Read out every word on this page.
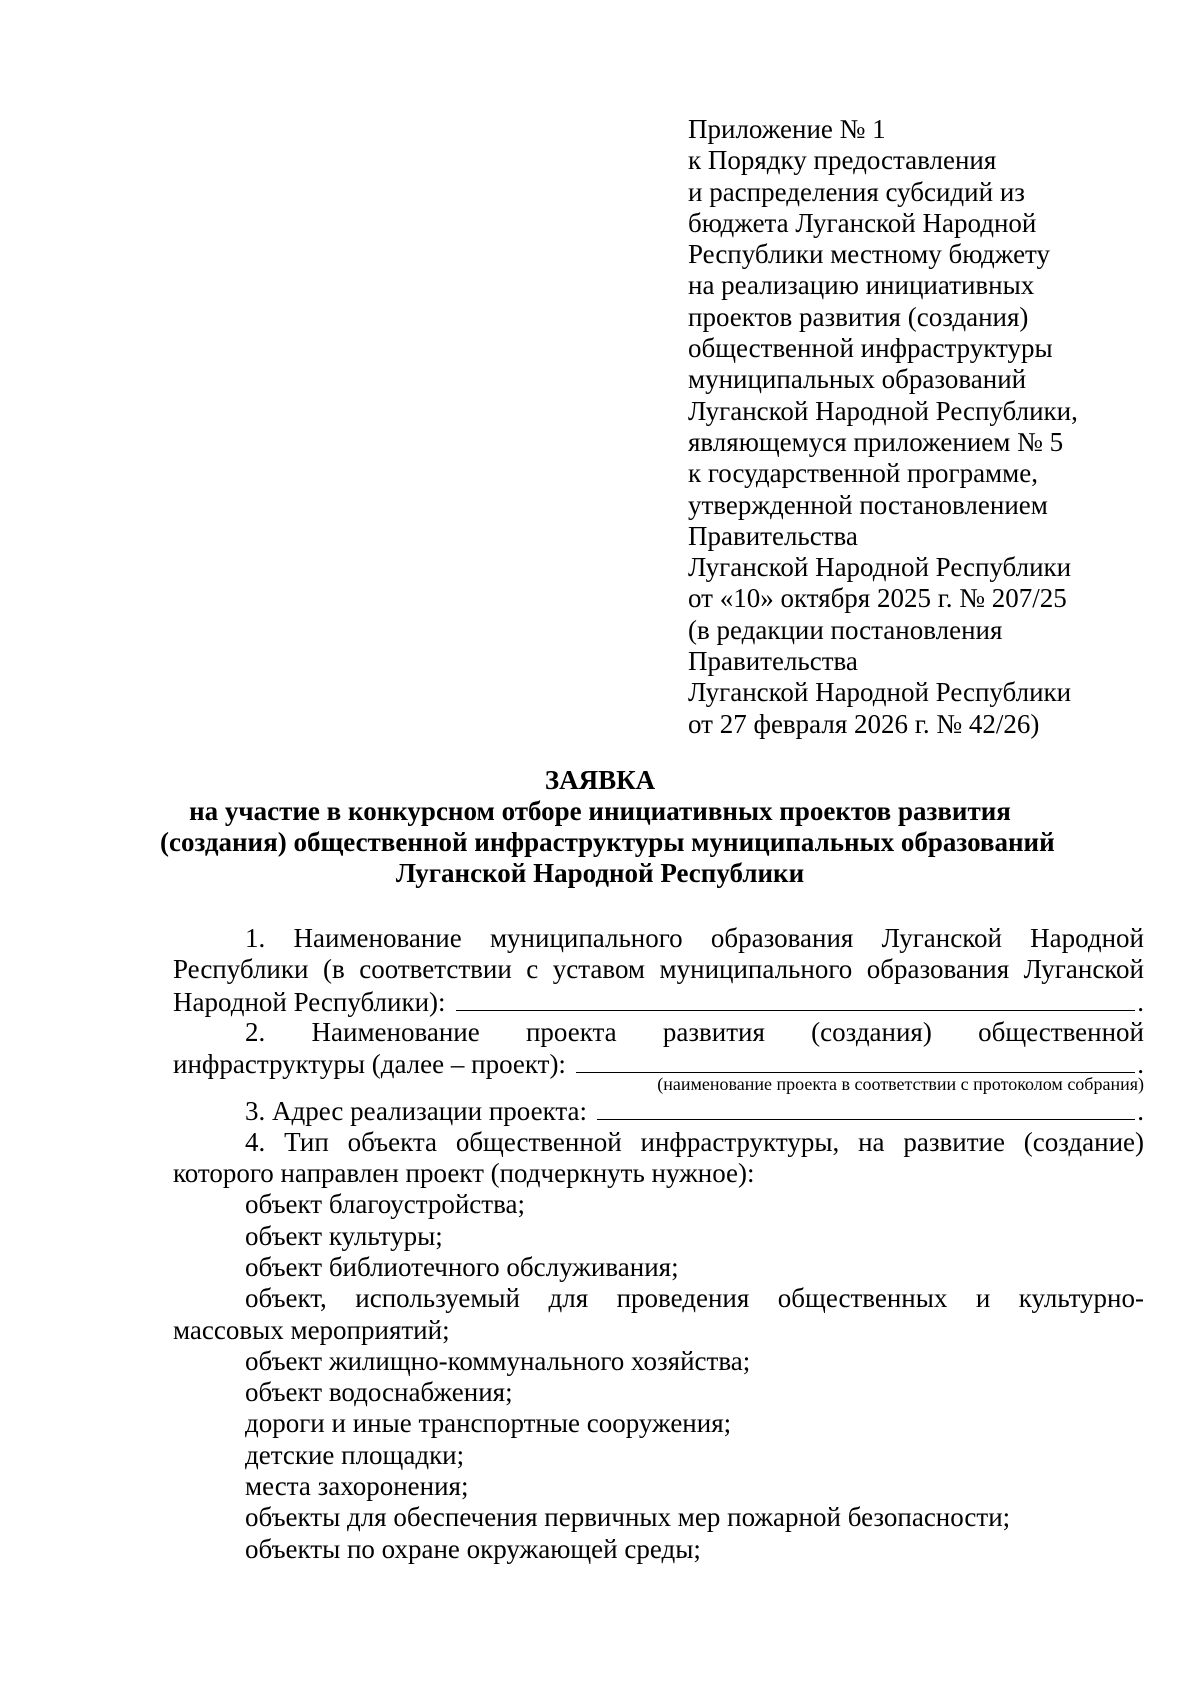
Приложение № 1
к Порядку предоставления
и распределения субсидий из
бюджета Луганской Народной
Республики местному бюджету
на реализацию инициативных
проектов развития (создания)
общественной инфраструктуры
муниципальных образований
Луганской Народной Республики,
являющемуся приложением № 5
к государственной программе,
утвержденной постановлением
Правительства
Луганской Народной Республики
от «10» октября 2025 г. № 207/25
(в редакции постановления
Правительства
Луганской Народной Республики
от 27 февраля 2026 г. № 42/26)
ЗАЯВКА
на участие в конкурсном отборе инициативных проектов развития
(создания) общественной инфраструктуры муниципальных образований
Луганской Народной Республики
1. Наименование муниципального образования Луганской Народной
Республики (в соответствии с уставом муниципального образования Луганской
Народной Республики):	.
2. Наименование проекта развития (создания) общественной
инфраструктуры (далее – проект):	.
(наименование проекта в соответствии с протоколом собрания)
3. Адрес реализации проекта:	.
4. Тип объекта общественной инфраструктуры, на развитие (создание)
которого направлен проект (подчеркнуть нужное):
объект благоустройства;
объект культуры;
объект библиотечного обслуживания;
объект, используемый для проведения общественных и культурно-
массовых мероприятий;
объект жилищно-коммунального хозяйства;
объект водоснабжения;
дороги и иные транспортные сооружения;
детские площадки;
места захоронения;
объекты для обеспечения первичных мер пожарной безопасности;
объекты по охране окружающей среды;
